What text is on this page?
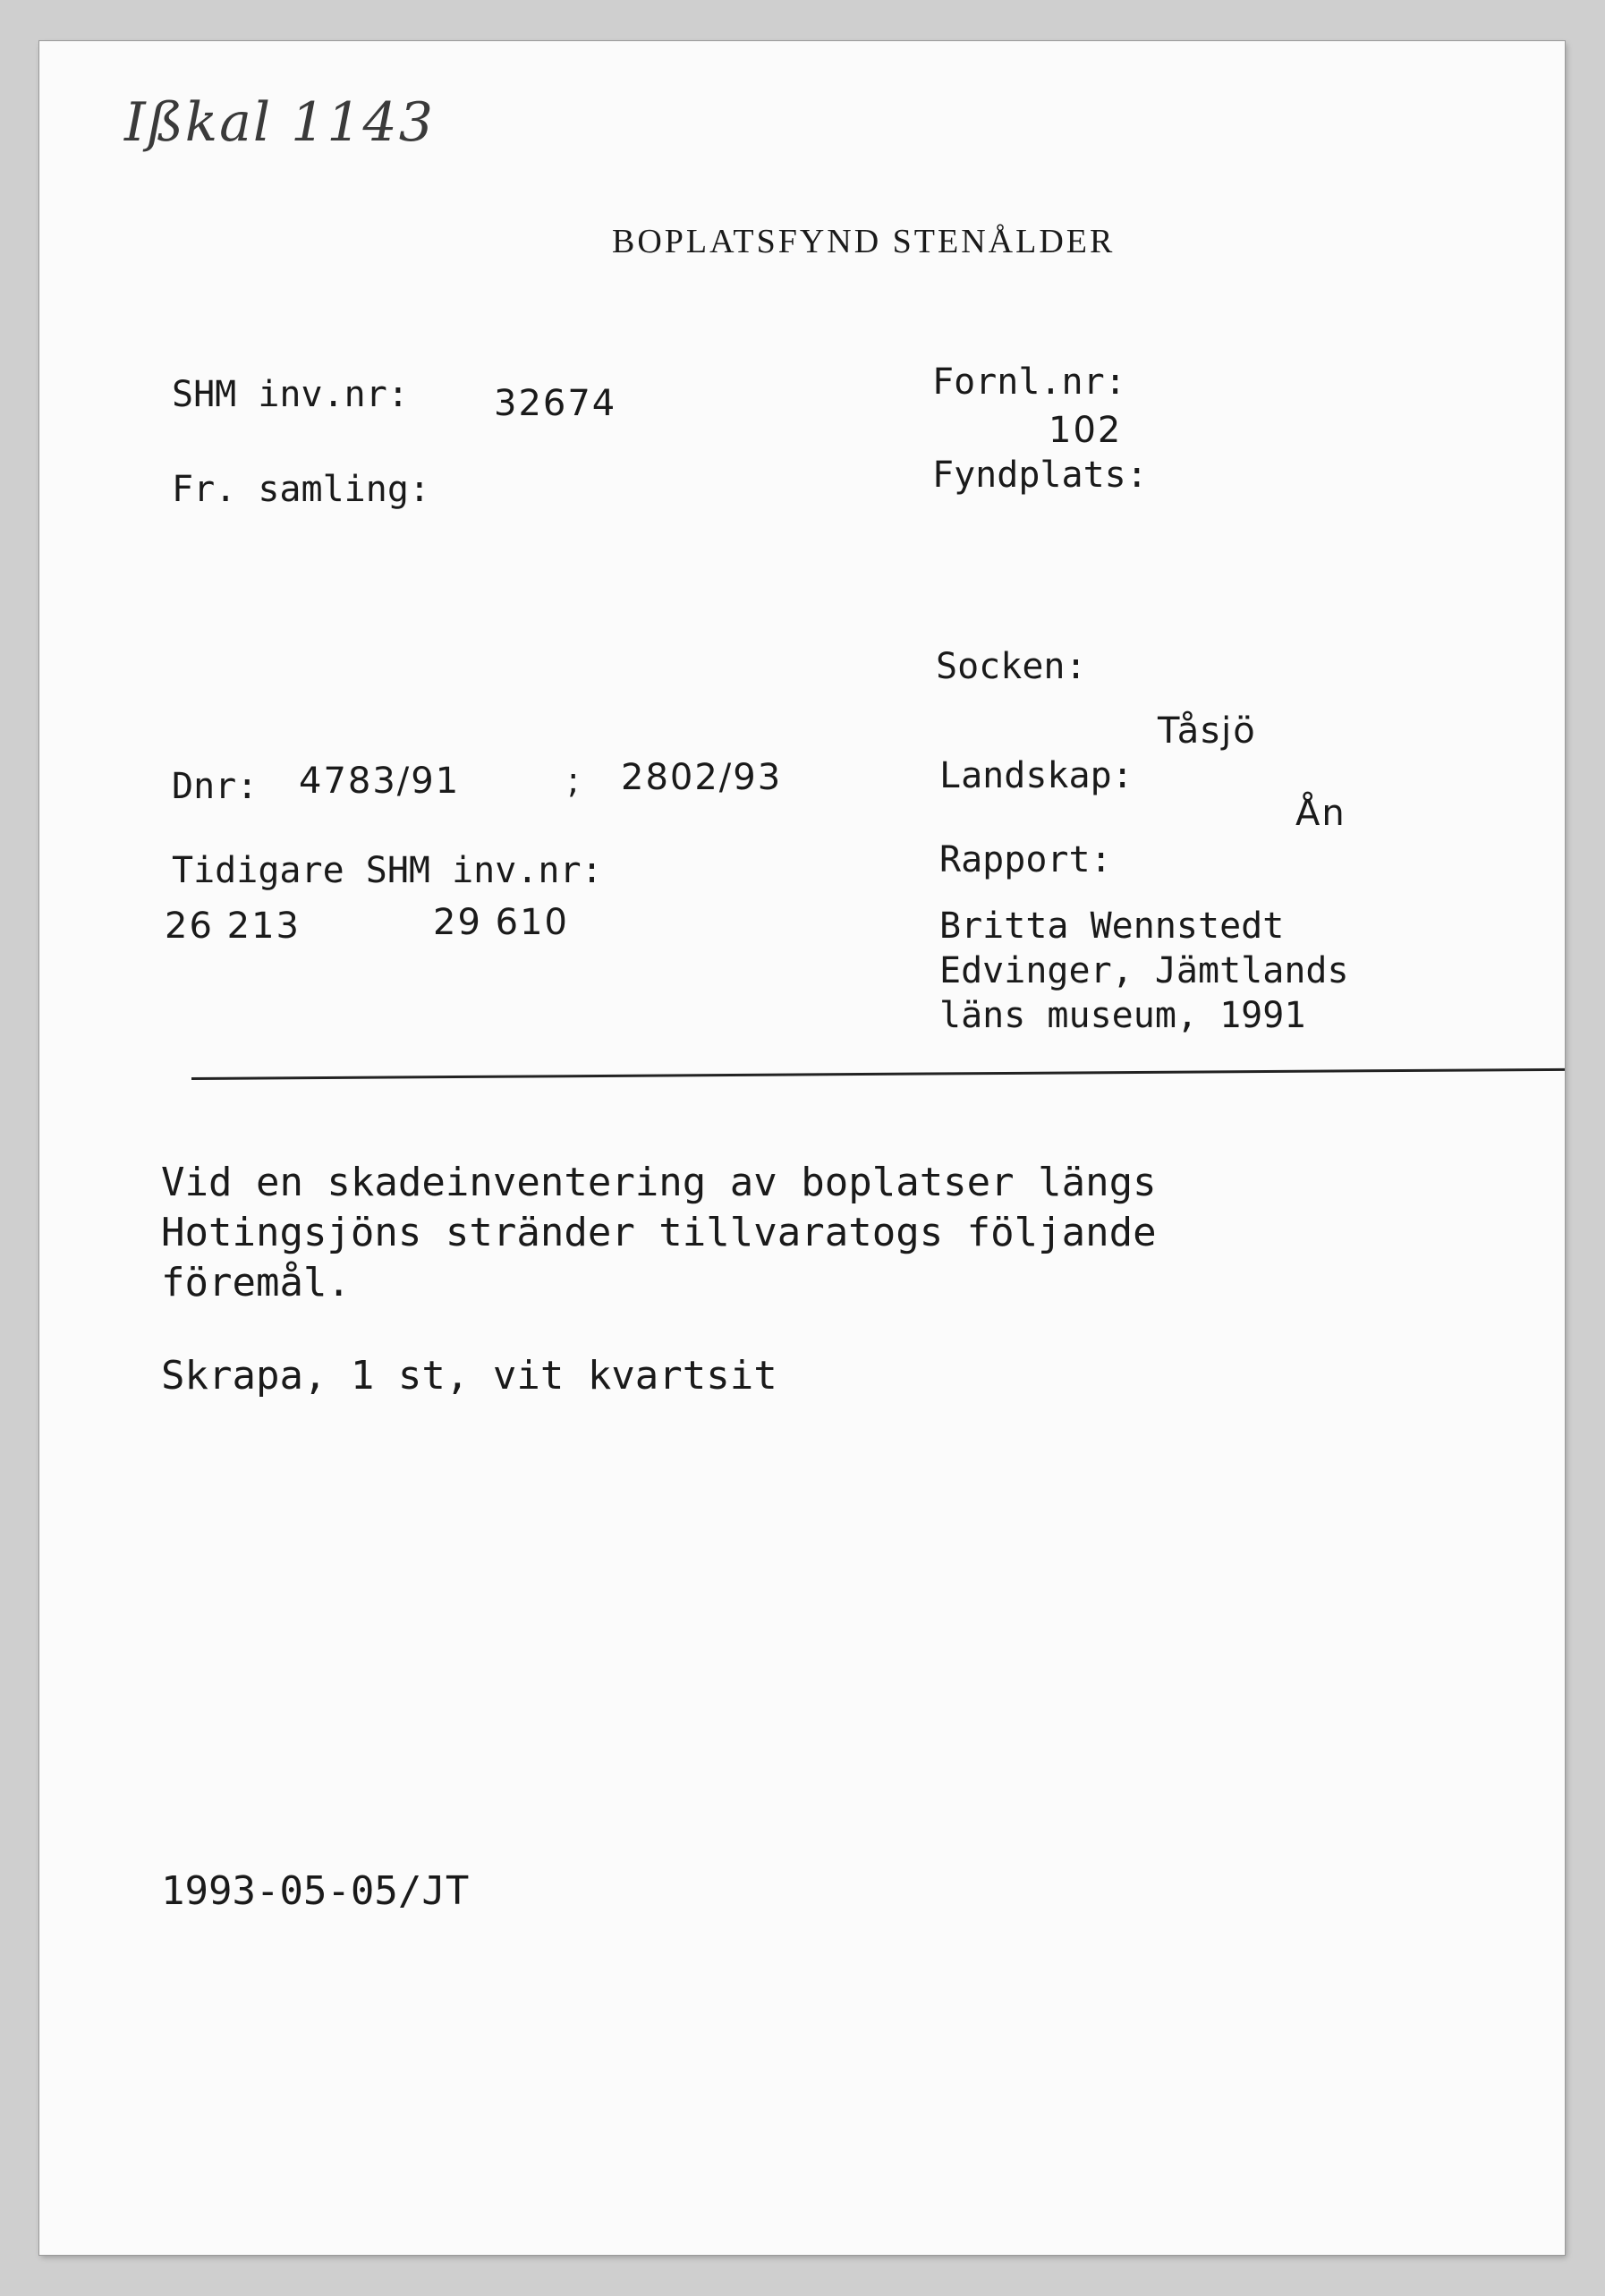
Ißkal 1143
BOPLATSFYND STENÅLDER
SHM inv.nr: 32674
Fr. samling:
Dnr: 4783/91	; 2802/93
Tidigare SHM inv.nr:
26 213	29 610
Fornl.nr:
102
Fyndplats:
Socken:
Tåsjö
Landskap:
Ån
Rapport:
Britta Wennstedt
Edvinger, Jämtlands
läns museum, 1991
Vid en skadeinventering av boplatser längs
Hotingsjöns stränder tillvaratogs följande
föremål.
Skrapa, 1 st, vit kvartsit
1993-05-05/JT
